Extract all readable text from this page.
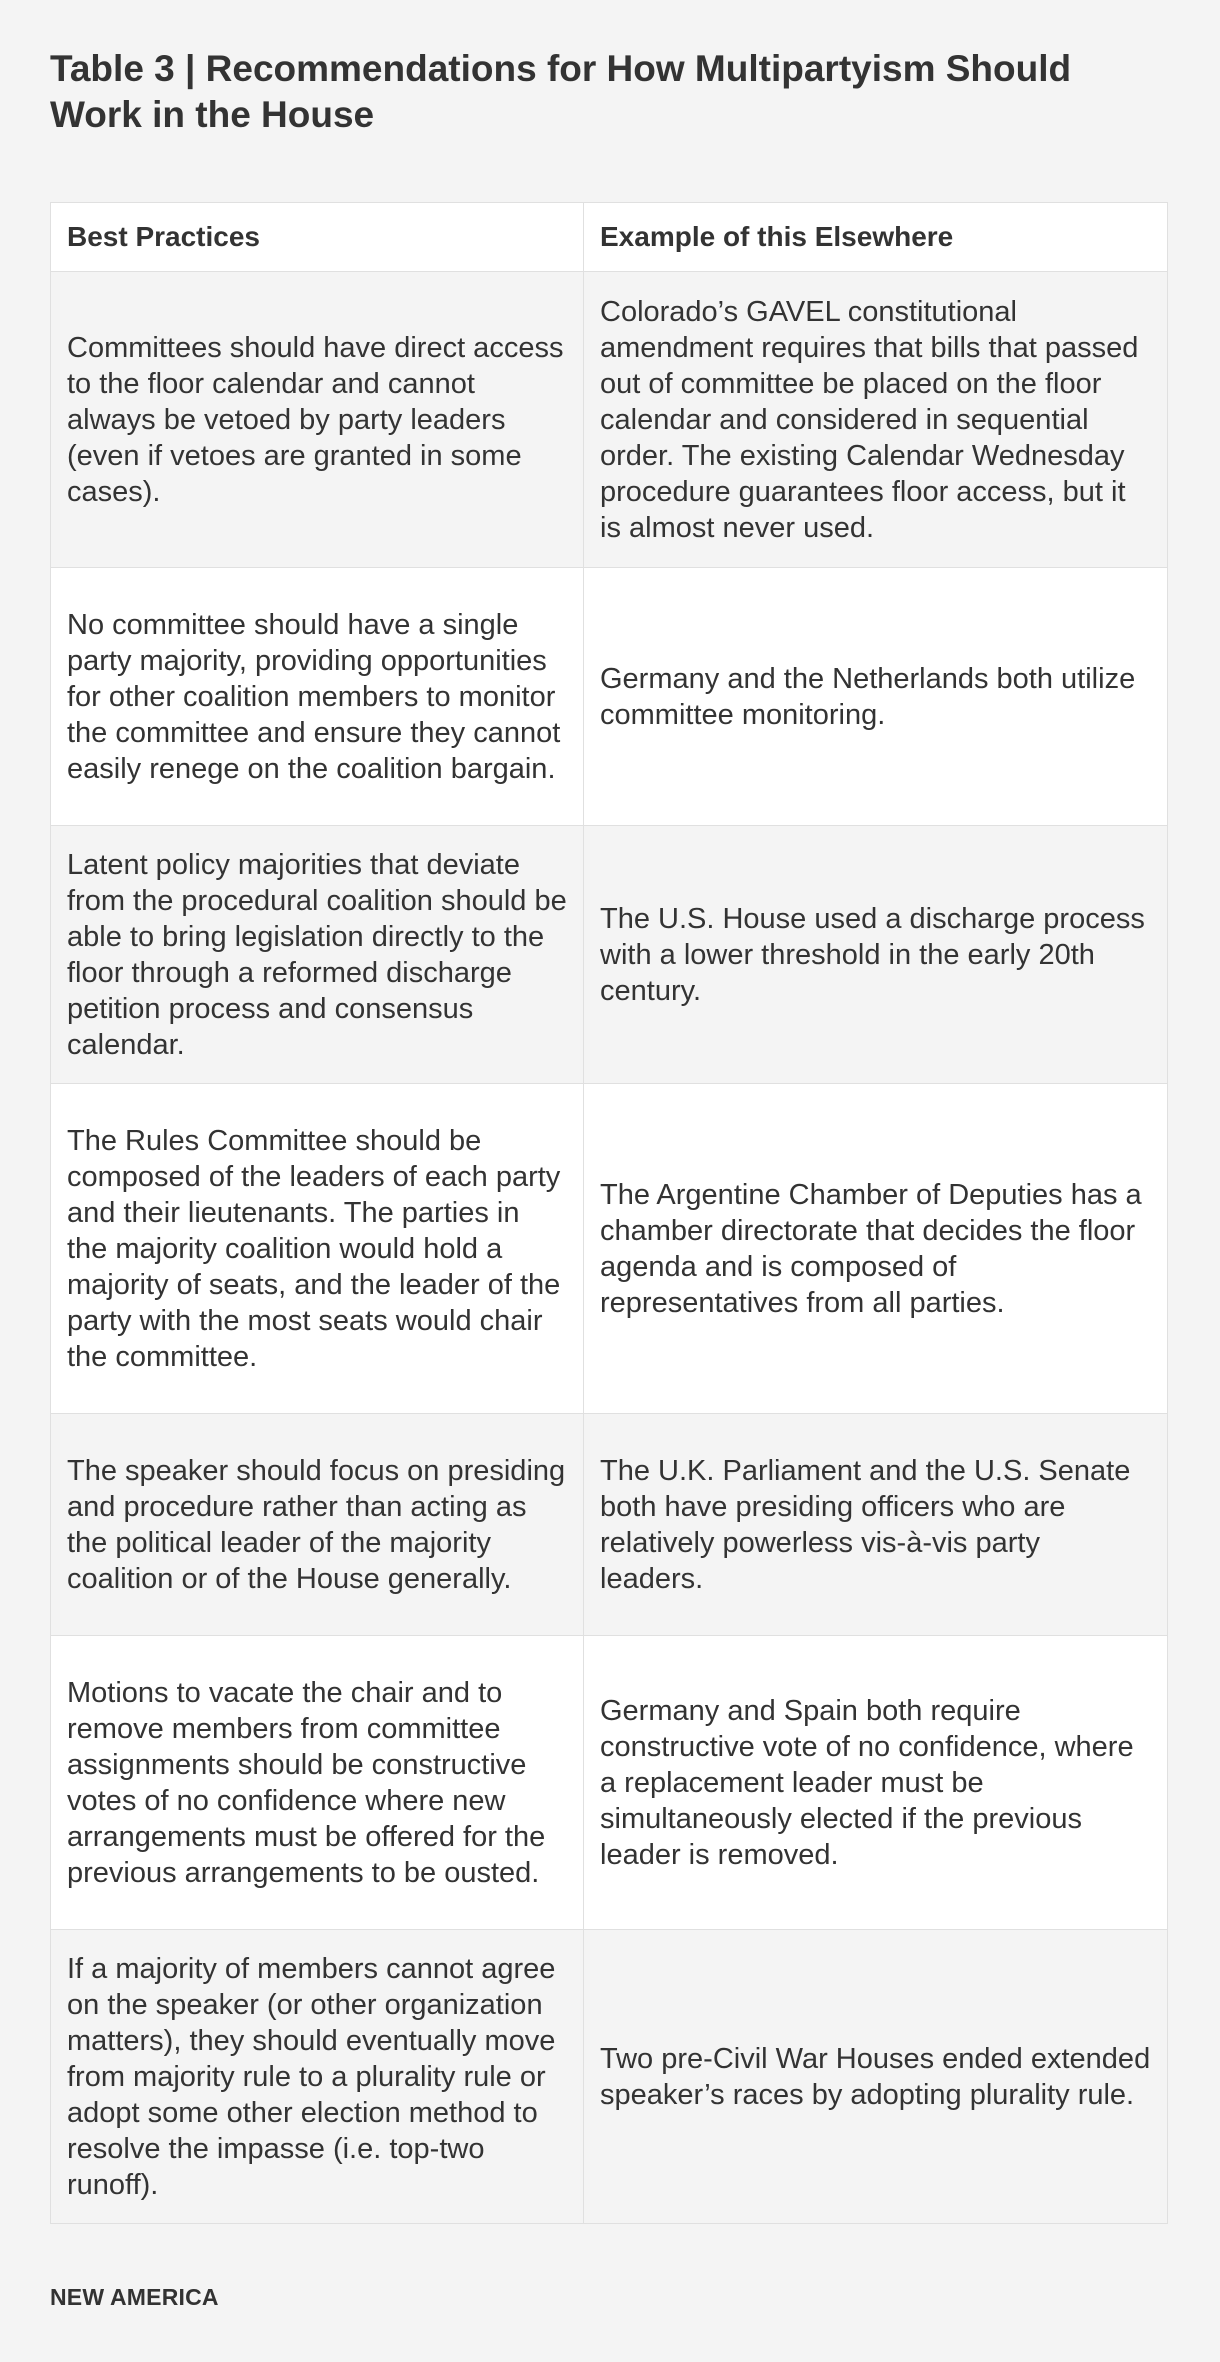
Table 3 | Recommendations for How Multipartyism Should Work in the House
Best Practices	Example of this Elsewhere
Committees should have direct access to the floor calendar and cannot always be vetoed by party leaders (even if vetoes are granted in some cases).	Colorado’s GAVEL constitutional amendment requires that bills that passed out of committee be placed on the floor calendar and considered in sequential order. The existing Calendar Wednesday procedure guarantees floor access, but it is almost never used.
No committee should have a single party majority, providing opportunities for other coalition members to monitor the committee and ensure they cannot easily renege on the coalition bargain.	Germany and the Netherlands both utilize committee monitoring.
Latent policy majorities that deviate from the procedural coalition should be able to bring legislation directly to the floor through a reformed discharge petition process and consensus calendar.	The U.S. House used a discharge process with a lower threshold in the early 20th century.
The Rules Committee should be composed of the leaders of each party and their lieutenants. The parties in the majority coalition would hold a majority of seats, and the leader of the party with the most seats would chair the committee.	The Argentine Chamber of Deputies has a chamber directorate that decides the floor agenda and is composed of representatives from all parties.
The speaker should focus on presiding and procedure rather than acting as the political leader of the majority coalition or of the House generally.	The U.K. Parliament and the U.S. Senate both have presiding officers who are relatively powerless vis-à-vis party leaders.
Motions to vacate the chair and to remove members from committee assignments should be constructive votes of no confidence where new arrangements must be offered for the previous arrangements to be ousted.	Germany and Spain both require constructive vote of no confidence, where a replacement leader must be simultaneously elected if the previous leader is removed.
If a majority of members cannot agree on the speaker (or other organization matters), they should eventually move from majority rule to a plurality rule or adopt some other election method to resolve the impasse (i.e. top-two runoff).	Two pre-Civil War Houses ended extended speaker’s races by adopting plurality rule.
NEW AMERICA
